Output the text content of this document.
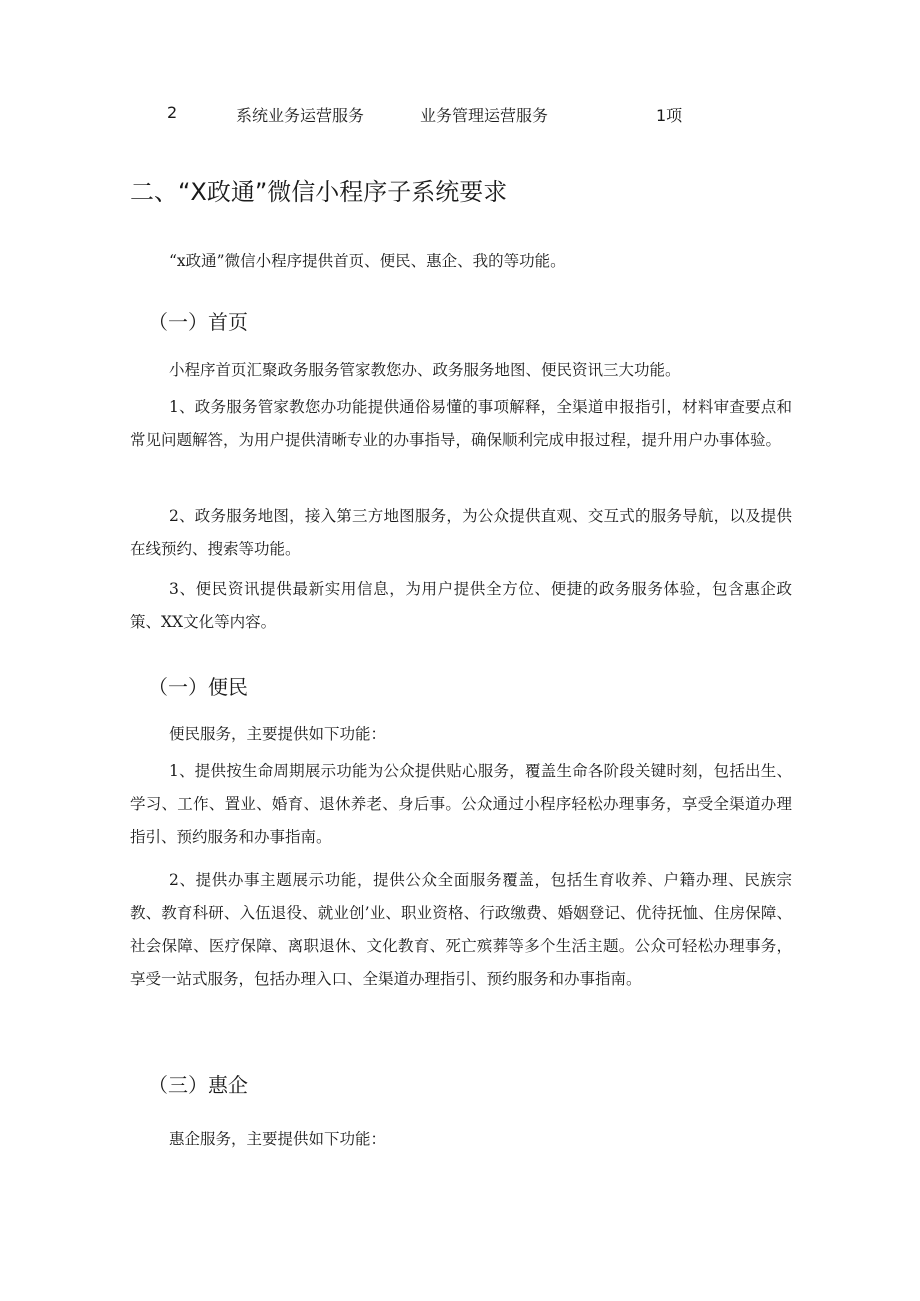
2	系统业务运营服务	业务管理运营服务	1项
二、“X政通”微信小程序子系统要求

“x政通”微信小程序提供首页、便民、惠企、我的等功能。

（一）首页

小程序首页汇聚政务服务管家教您办、政务服务地图、便民资讯三大功能。

1、政务服务管家教您办功能提供通俗易懂的事项解释，全渠道申报指引，材料审查要点和常见问题解答，为用户提供清晰专业的办事指导，确保顺利完成申报过程，提升用户办事体验。

2、政务服务地图，接入第三方地图服务，为公众提供直观、交互式的服务导航，以及提供在线预约、搜索等功能。

3、便民资讯提供最新实用信息，为用户提供全方位、便捷的政务服务体验，包含惠企政策、XX文化等内容。

（一）便民

便民服务，主要提供如下功能：

1、提供按生命周期展示功能为公众提供贴心服务，覆盖生命各阶段关键时刻，包括出生、学习、工作、置业、婚育、退休养老、身后事。公众通过小程序轻松办理事务，享受全渠道办理指引、预约服务和办事指南。

2、提供办事主题展示功能，提供公众全面服务覆盖，包括生育收养、户籍办理、民族宗教、教育科研、入伍退役、就业创’业、职业资格、行政缴费、婚姻登记、优待抚恤、住房保障、社会保障、医疗保障、离职退休、文化教育、死亡殡葬等多个生活主题。公众可轻松办理事务，享受一站式服务，包括办理入口、全渠道办理指引、预约服务和办事指南。

（三）惠企

惠企服务，主要提供如下功能：
